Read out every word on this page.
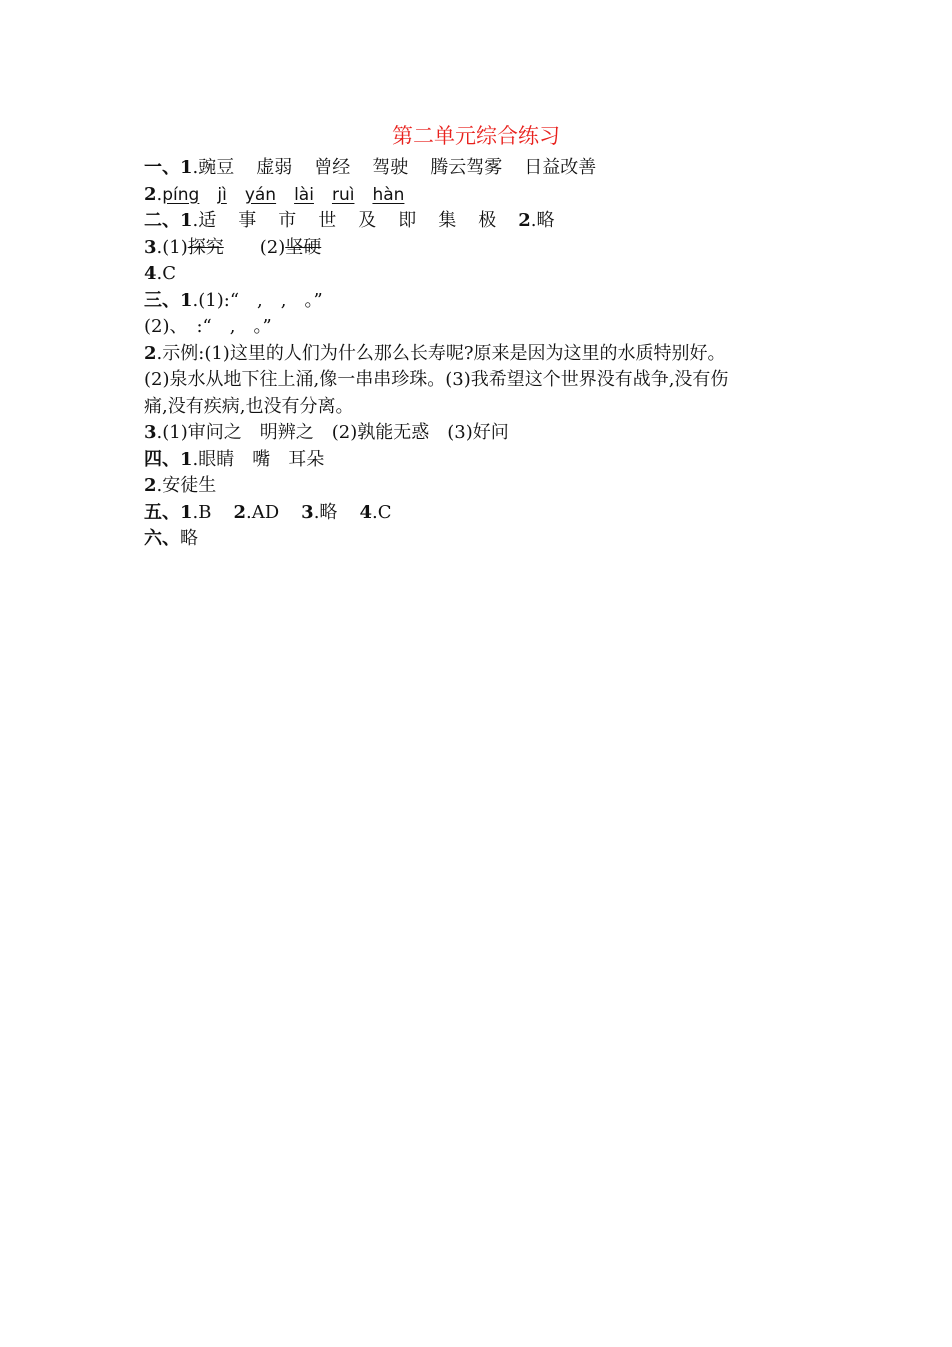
第二单元综合练习
一、1.豌豆 虚弱 曾经 驾驶 腾云驾雾 日益改善
2.píng jì yán lài ruì hàn
二、1.适 事 市 世 及 即 集 极 2.略
3.(1)探究 (2)坚硬
4.C
三、1.(1):“　,　,　。”
(2)、　:“　,　。”
2.示例:(1)这里的人们为什么那么长寿呢?原来是因为这里的水质特别好。
(2)泉水从地下往上涌,像一串串珍珠。(3)我希望这个世界没有战争,没有伤
痛,没有疾病,也没有分离。
3.(1)审问之　明辨之　(2)孰能无惑　(3)好问
四、1.眼睛　嘴　耳朵
2.安徒生
五、1.B 2.AD 3.略 4.C
六、略
